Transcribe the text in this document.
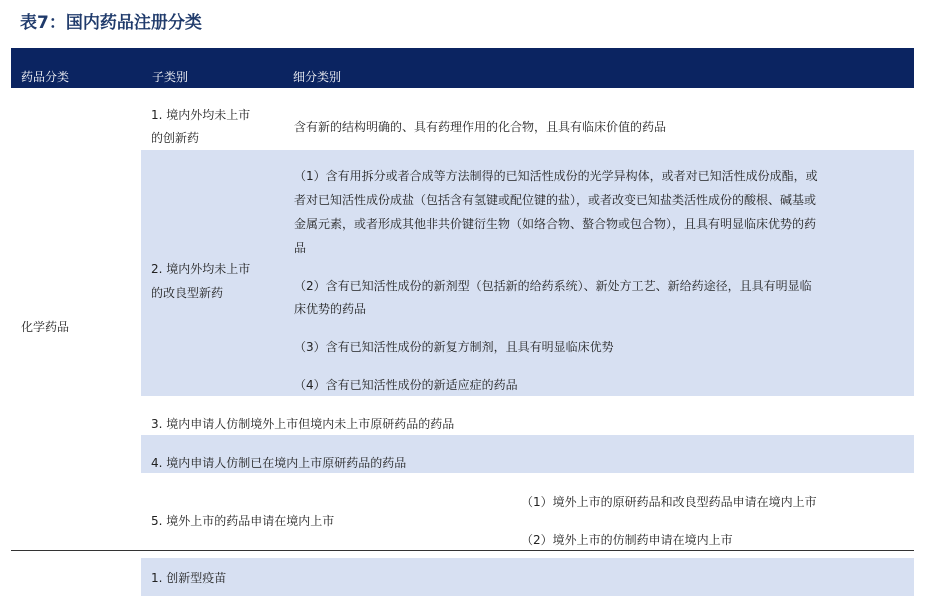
表7：国内药品注册分类
药品分类	子类别	细分类别
化学药品
1. 境内外均未上市
的创新药
含有新的结构明确的、具有药理作用的化合物，且具有临床价值的药品
2. 境内外均未上市
的改良型新药
（1）含有用拆分或者合成等方法制得的已知活性成份的光学异构体，或者对已知活性成份成酯，或
者对已知活性成份成盐（包括含有氢键或配位键的盐），或者改变已知盐类活性成份的酸根、碱基或
金属元素，或者形成其他非共价键衍生物（如络合物、螯合物或包合物），且具有明显临床优势的药
品
（2）含有已知活性成份的新剂型（包括新的给药系统）、新处方工艺、新给药途径，且具有明显临
床优势的药品
（3）含有已知活性成份的新复方制剂，且具有明显临床优势
（4）含有已知活性成份的新适应症的药品
3. 境内申请人仿制境外上市但境内未上市原研药品的药品
4. 境内申请人仿制已在境内上市原研药品的药品
5. 境外上市的药品申请在境内上市
（1）境外上市的原研药品和改良型药品申请在境内上市
（2）境外上市的仿制药申请在境内上市
1. 创新型疫苗
